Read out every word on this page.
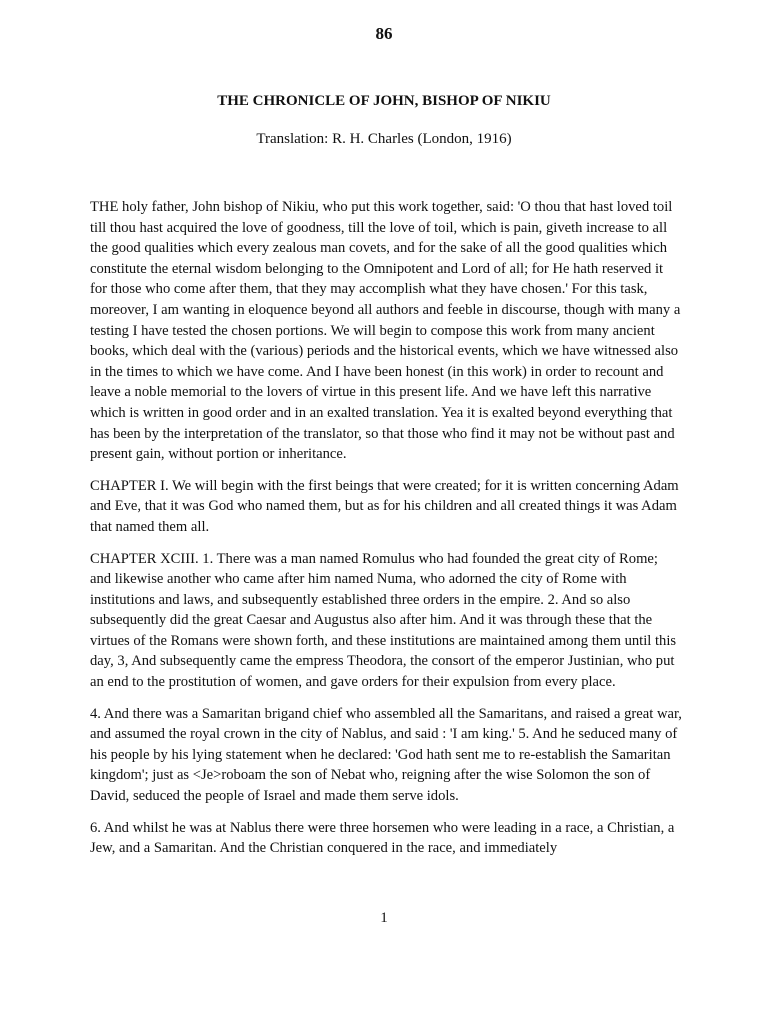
86
THE CHRONICLE OF JOHN, BISHOP OF NIKIU
Translation: R. H. Charles (London, 1916)

THE holy father, John bishop of Nikiu, who put this work together, said: 'O thou that hast loved toil till thou hast acquired the love of goodness, till the love of toil, which is pain, giveth increase to all the good qualities which every zealous man covets, and for the sake of all the good qualities which constitute the eternal wisdom belonging to the Omnipotent and Lord of all; for He hath reserved it for those who come after them, that they may accomplish what they have chosen.' For this task, moreover, I am wanting in eloquence beyond all authors and feeble in discourse, though with many a testing I have tested the chosen portions. We will begin to compose this work from many ancient books, which deal with the (various) periods and the historical events, which we have witnessed also in the times to which we have come. And I have been honest (in this work) in order to recount and leave a noble memorial to the lovers of virtue in this present life. And we have left this narrative which is written in good order and in an exalted translation. Yea it is exalted beyond everything that has been by the interpretation of the translator, so that those who find it may not be without past and present gain, without portion or inheritance.

CHAPTER I. We will begin with the first beings that were created; for it is written concerning Adam and Eve, that it was God who named them, but as for his children and all created things it was Adam that named them all.

CHAPTER XCIII. 1. There was a man named Romulus who had founded the great city of Rome; and likewise another who came after him named Numa, who adorned the city of Rome with institutions and laws, and subsequently established three orders in the empire. 2. And so also subsequently did the great Caesar and Augustus also after him. And it was through these that the virtues of the Romans were shown forth, and these institutions are maintained among them until this day, 3, And subsequently came the empress Theodora, the consort of the emperor Justinian, who put an end to the prostitution of women, and gave orders for their expulsion from every place.

4. And there was a Samaritan brigand chief who assembled all the Samaritans, and raised a great war, and assumed the royal crown in the city of Nablus, and said : 'I am king.' 5. And he seduced many of his people by his lying statement when he declared: 'God hath sent me to re-establish the Samaritan kingdom'; just as <Je>roboam the son of Nebat who, reigning after the wise Solomon the son of David, seduced the people of Israel and made them serve idols.

6. And whilst he was at Nablus there were three horsemen who were leading in a race, a Christian, a Jew, and a Samaritan. And the Christian conquered in the race, and immediately

1
